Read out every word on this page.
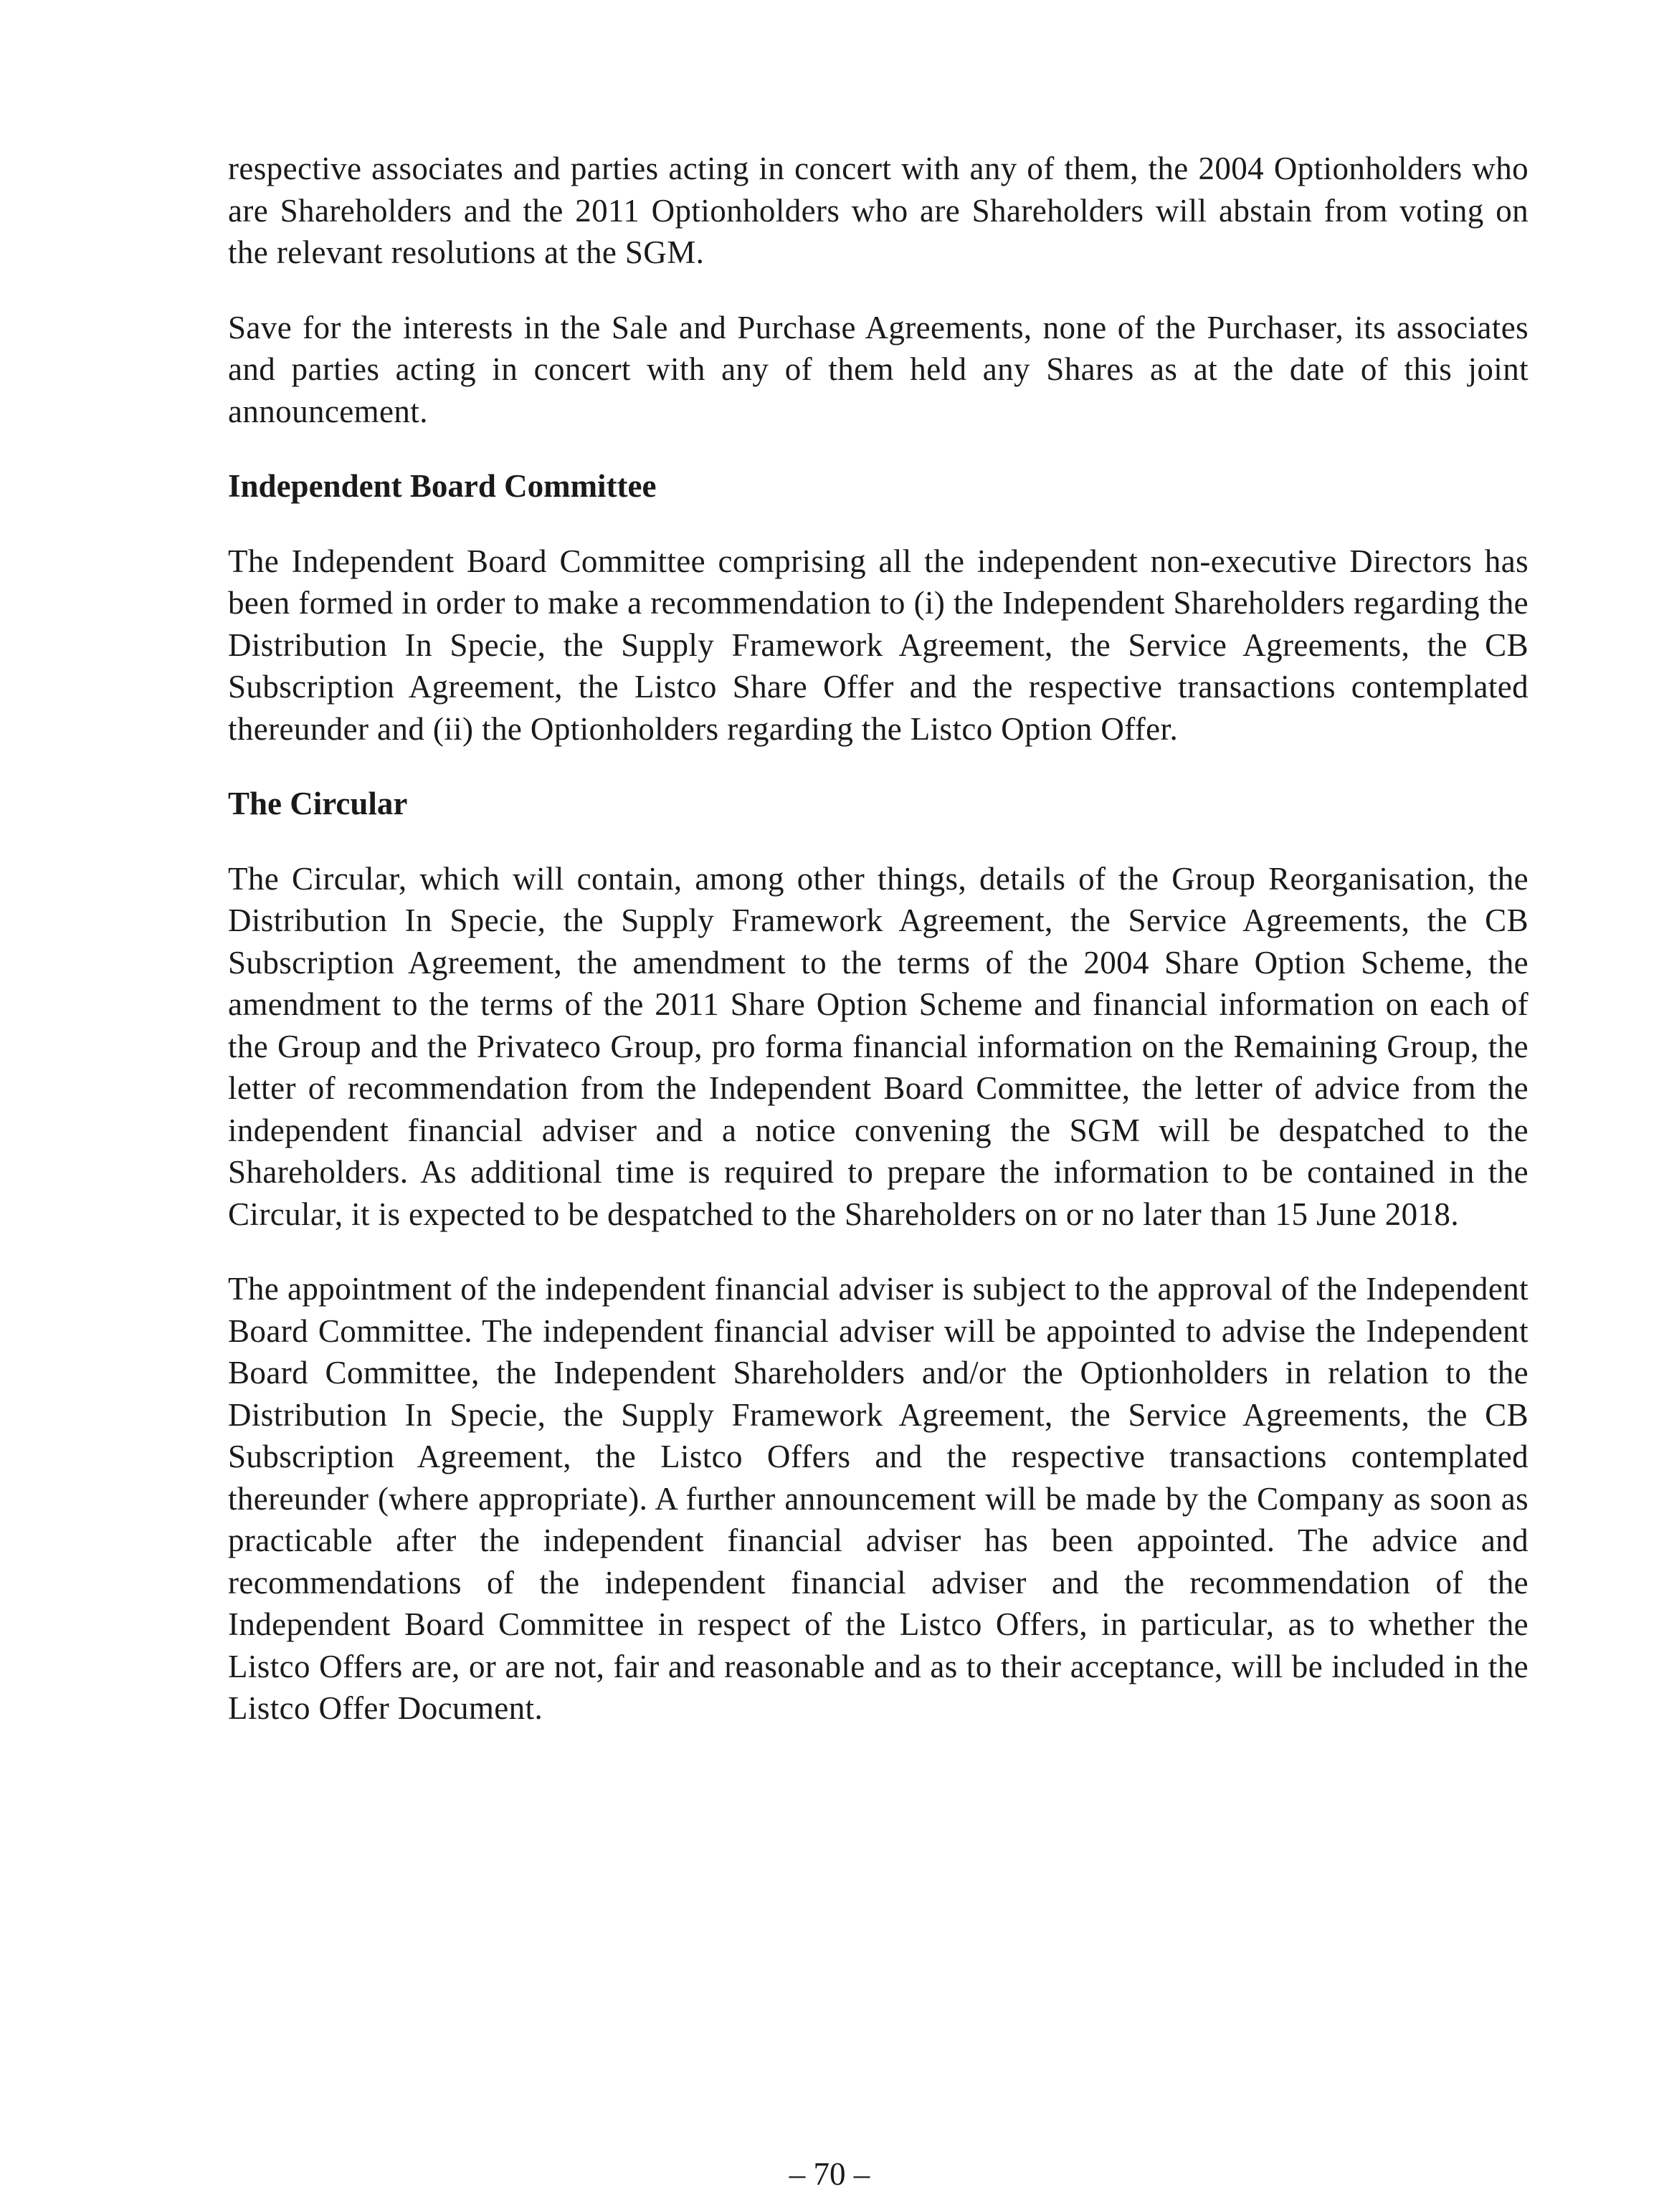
respective associates and parties acting in concert with any of them, the 2004 Optionholders who are Shareholders and the 2011 Optionholders who are Shareholders will abstain from voting on the relevant resolutions at the SGM.

Save for the interests in the Sale and Purchase Agreements, none of the Purchaser, its associates and parties acting in concert with any of them held any Shares as at the date of this joint announcement.

Independent Board Committee

The Independent Board Committee comprising all the independent non-executive Directors has been formed in order to make a recommendation to (i) the Independent Shareholders regarding the Distribution In Specie, the Supply Framework Agreement, the Service Agreements, the CB Subscription Agreement, the Listco Share Offer and the respective transactions contemplated thereunder and (ii) the Optionholders regarding the Listco Option Offer.

The Circular

The Circular, which will contain, among other things, details of the Group Reorganisation, the Distribution In Specie, the Supply Framework Agreement, the Service Agreements, the CB Subscription Agreement, the amendment to the terms of the 2004 Share Option Scheme, the amendment to the terms of the 2011 Share Option Scheme and financial information on each of the Group and the Privateco Group, pro forma financial information on the Remaining Group, the letter of recommendation from the Independent Board Committee, the letter of advice from the independent financial adviser and a notice convening the SGM will be despatched to the Shareholders. As additional time is required to prepare the information to be contained in the Circular, it is expected to be despatched to the Shareholders on or no later than 15 June 2018.

The appointment of the independent financial adviser is subject to the approval of the Independent Board Committee. The independent financial adviser will be appointed to advise the Independent Board Committee, the Independent Shareholders and/or the Optionholders in relation to the Distribution In Specie, the Supply Framework Agreement, the Service Agreements, the CB Subscription Agreement, the Listco Offers and the respective transactions contemplated thereunder (where appropriate). A further announcement will be made by the Company as soon as practicable after the independent financial adviser has been appointed. The advice and recommendations of the independent financial adviser and the recommendation of the Independent Board Committee in respect of the Listco Offers, in particular, as to whether the Listco Offers are, or are not, fair and reasonable and as to their acceptance, will be included in the Listco Offer Document.

– 70 –
